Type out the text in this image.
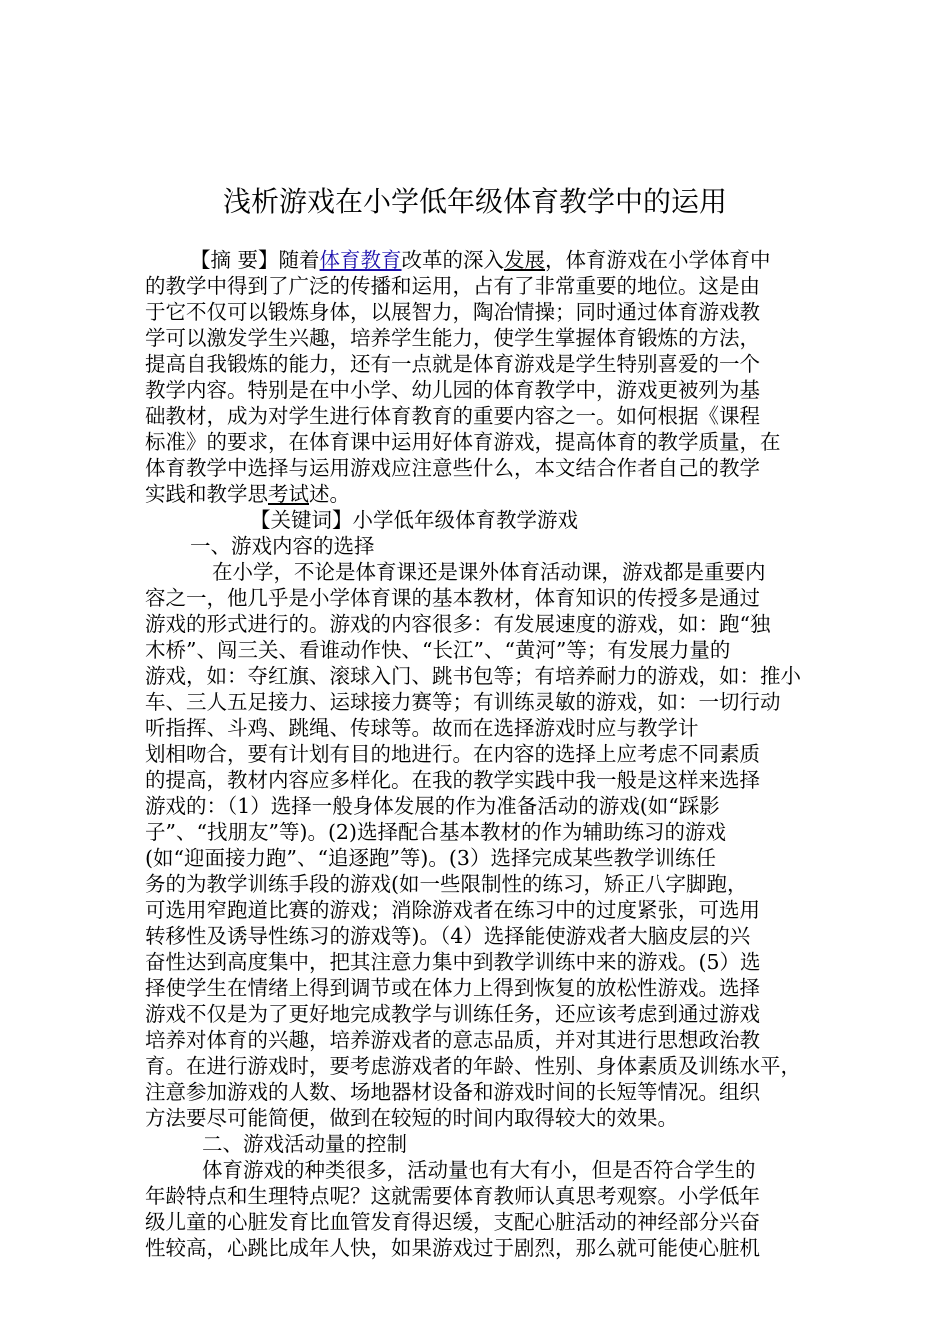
浅析游戏在小学低年级体育教学中的运用
【摘 要】随着体育教育改革的深入发展，体育游戏在小学体育中
的教学中得到了广泛的传播和运用，占有了非常重要的地位。这是由
于它不仅可以锻炼身体，以展智力，陶冶情操；同时通过体育游戏教
学可以激发学生兴趣，培养学生能力，使学生掌握体育锻炼的方法，
提高自我锻炼的能力，还有一点就是体育游戏是学生特别喜爱的一个
教学内容。特别是在中小学、幼儿园的体育教学中，游戏更被列为基
础教材，成为对学生进行体育教育的重要内容之一。如何根据《课程
标准》的要求，在体育课中运用好体育游戏，提高体育的教学质量，在
体育教学中选择与运用游戏应注意些什么，本文结合作者自己的教学
实践和教学思考试述。
【关键词】小学低年级体育教学游戏
一、游戏内容的选择
在小学，不论是体育课还是课外体育活动课，游戏都是重要内
容之一，他几乎是小学体育课的基本教材，体育知识的传授多是通过
游戏的形式进行的。游戏的内容很多：有发展速度的游戏，如：跑“独
木桥”、闯三关、看谁动作快、“长江”、“黄河”等；有发展力量的
游戏，如：夺红旗、滚球入门、跳书包等；有培养耐力的游戏，如：推小
车、三人五足接力、运球接力赛等；有训练灵敏的游戏，如：一切行动
听指挥、斗鸡、跳绳、传球等。故而在选择游戏时应与教学计
划相吻合，要有计划有目的地进行。在内容的选择上应考虑不同素质
的提高，教材内容应多样化。在我的教学实践中我一般是这样来选择
游戏的：（1）选择一般身体发展的作为准备活动的游戏(如“踩影
子”、“找朋友”等)。(2)选择配合基本教材的作为辅助练习的游戏
(如“迎面接力跑”、“追逐跑”等)。(3）选择完成某些教学训练任
务的为教学训练手段的游戏(如一些限制性的练习，矫正八字脚跑，
可选用窄跑道比赛的游戏；消除游戏者在练习中的过度紧张，可选用
转移性及诱导性练习的游戏等)。（4）选择能使游戏者大脑皮层的兴
奋性达到高度集中，把其注意力集中到教学训练中来的游戏。(5）选
择使学生在情绪上得到调节或在体力上得到恢复的放松性游戏。选择
游戏不仅是为了更好地完成教学与训练任务，还应该考虑到通过游戏
培养对体育的兴趣，培养游戏者的意志品质，并对其进行思想政治教
育。在进行游戏时，要考虑游戏者的年龄、性别、身体素质及训练水平，
注意参加游戏的人数、场地器材设备和游戏时间的长短等情况。组织
方法要尽可能简便，做到在较短的时间内取得较大的效果。
二、游戏活动量的控制
体育游戏的种类很多，活动量也有大有小，但是否符合学生的
年龄特点和生理特点呢？这就需要体育教师认真思考观察。小学低年
级儿童的心脏发育比血管发育得迟缓，支配心脏活动的神经部分兴奋
性较高，心跳比成年人快，如果游戏过于剧烈，那么就可能使心脏机
